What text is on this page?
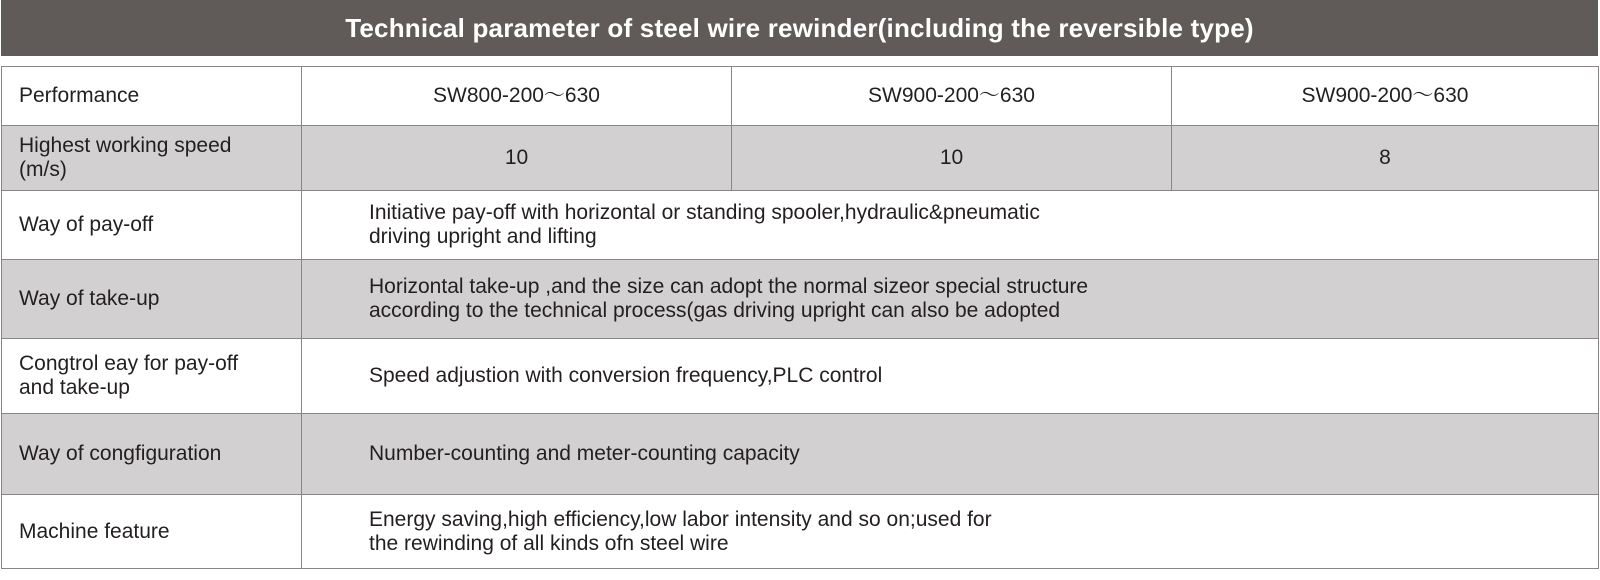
Technical parameter of steel wire rewinder(including the reversible type)
Performance	SW800-200～630	SW900-200～630	SW900-200～630

Highest working speed
(m/s)	10	10	8
Way of pay-off	Initiative pay-off with horizontal or standing spooler,hydraulic&pneumatic
driving upright and lifting		

Way of take-up	Horizontal take-up ,and the size can adopt the normal sizeor special structure
according to the technical process(gas driving upright can also be adopted		

Congtrol eay for pay-off
and take-up	Speed adjustion with conversion frequency,PLC control		
Way of congfiguration	Number-counting and meter-counting capacity		
Machine feature	Energy saving,high efficiency,low labor intensity and so on;used for
the rewinding of all kinds ofn steel wire		
